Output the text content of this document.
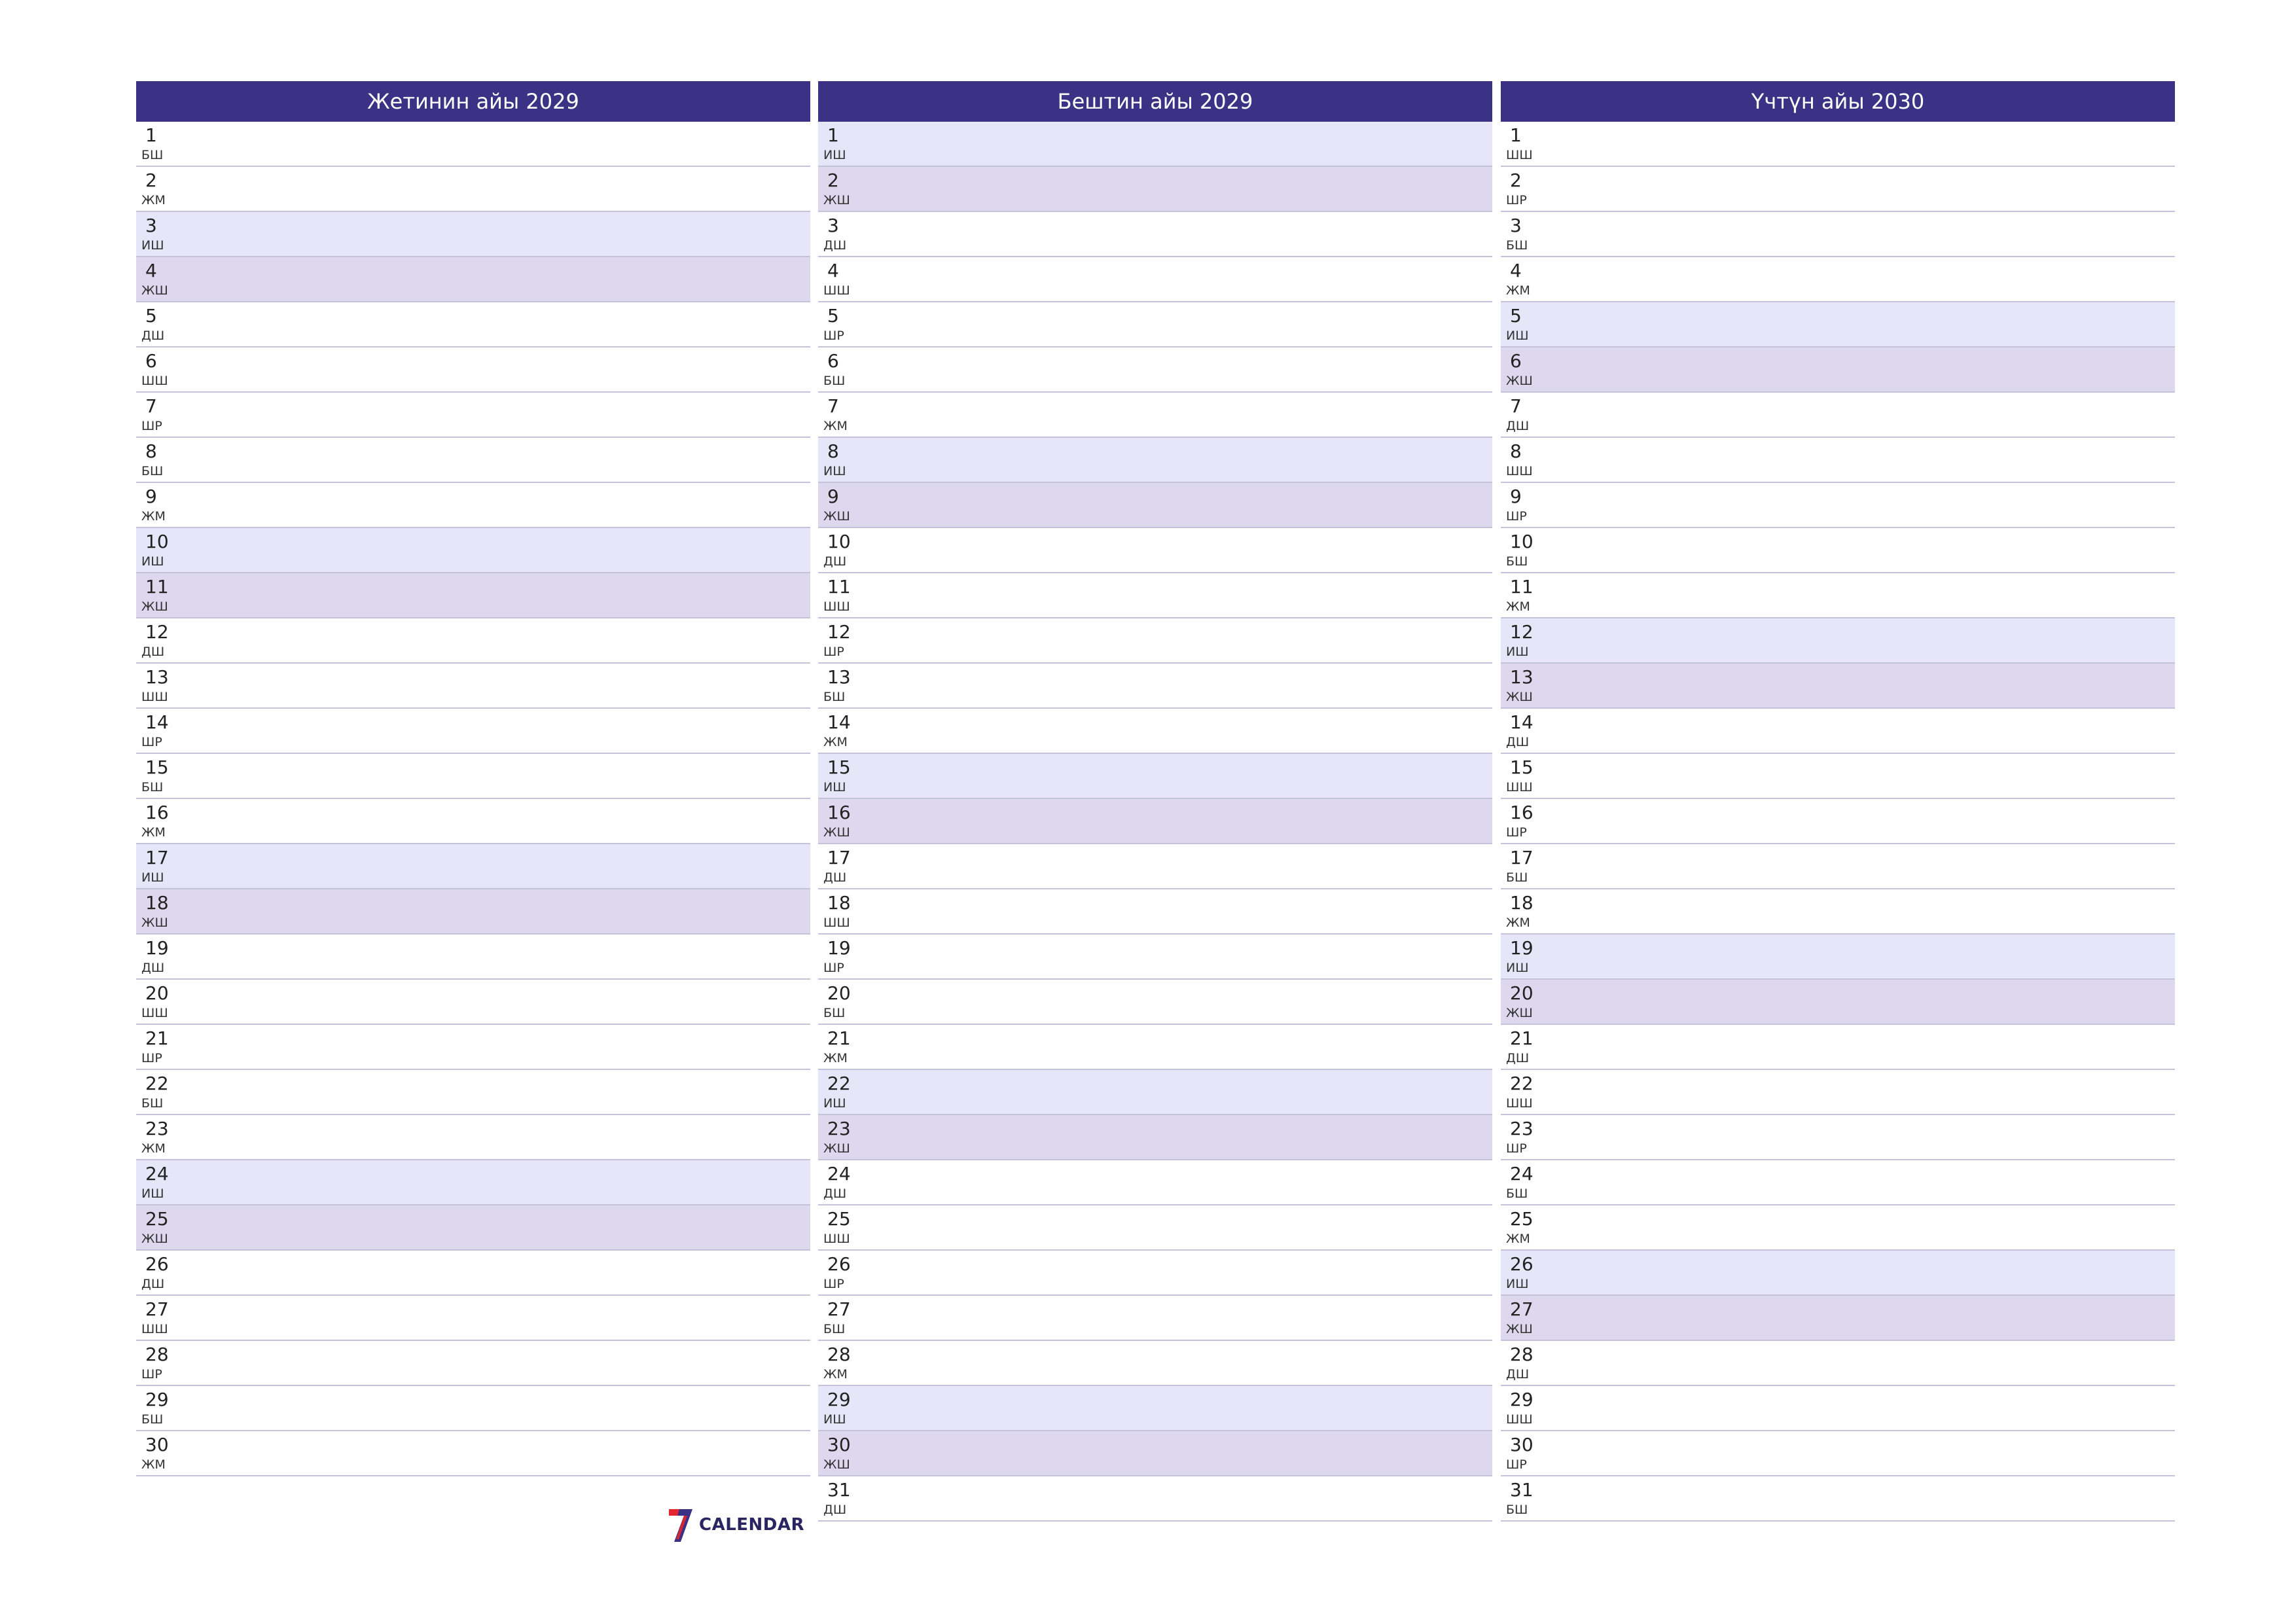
Жетинин айы 2029
1
БШ
2
ЖМ
3
ИШ
4
ЖШ
5
ДШ
6
ШШ
7
ШР
8
БШ
9
ЖМ
10
ИШ
11
ЖШ
12
ДШ
13
ШШ
14
ШР
15
БШ
16
ЖМ
17
ИШ
18
ЖШ
19
ДШ
20
ШШ
21
ШР
22
БШ
23
ЖМ
24
ИШ
25
ЖШ
26
ДШ
27
ШШ
28
ШР
29
БШ
30
ЖМ
Бештин айы 2029
1
ИШ
2
ЖШ
3
ДШ
4
ШШ
5
ШР
6
БШ
7
ЖМ
8
ИШ
9
ЖШ
10
ДШ
11
ШШ
12
ШР
13
БШ
14
ЖМ
15
ИШ
16
ЖШ
17
ДШ
18
ШШ
19
ШР
20
БШ
21
ЖМ
22
ИШ
23
ЖШ
24
ДШ
25
ШШ
26
ШР
27
БШ
28
ЖМ
29
ИШ
30
ЖШ
31
ДШ
Үчтүн айы 2030
1
ШШ
2
ШР
3
БШ
4
ЖМ
5
ИШ
6
ЖШ
7
ДШ
8
ШШ
9
ШР
10
БШ
11
ЖМ
12
ИШ
13
ЖШ
14
ДШ
15
ШШ
16
ШР
17
БШ
18
ЖМ
19
ИШ
20
ЖШ
21
ДШ
22
ШШ
23
ШР
24
БШ
25
ЖМ
26
ИШ
27
ЖШ
28
ДШ
29
ШШ
30
ШР
31
БШ
CALENDAR
